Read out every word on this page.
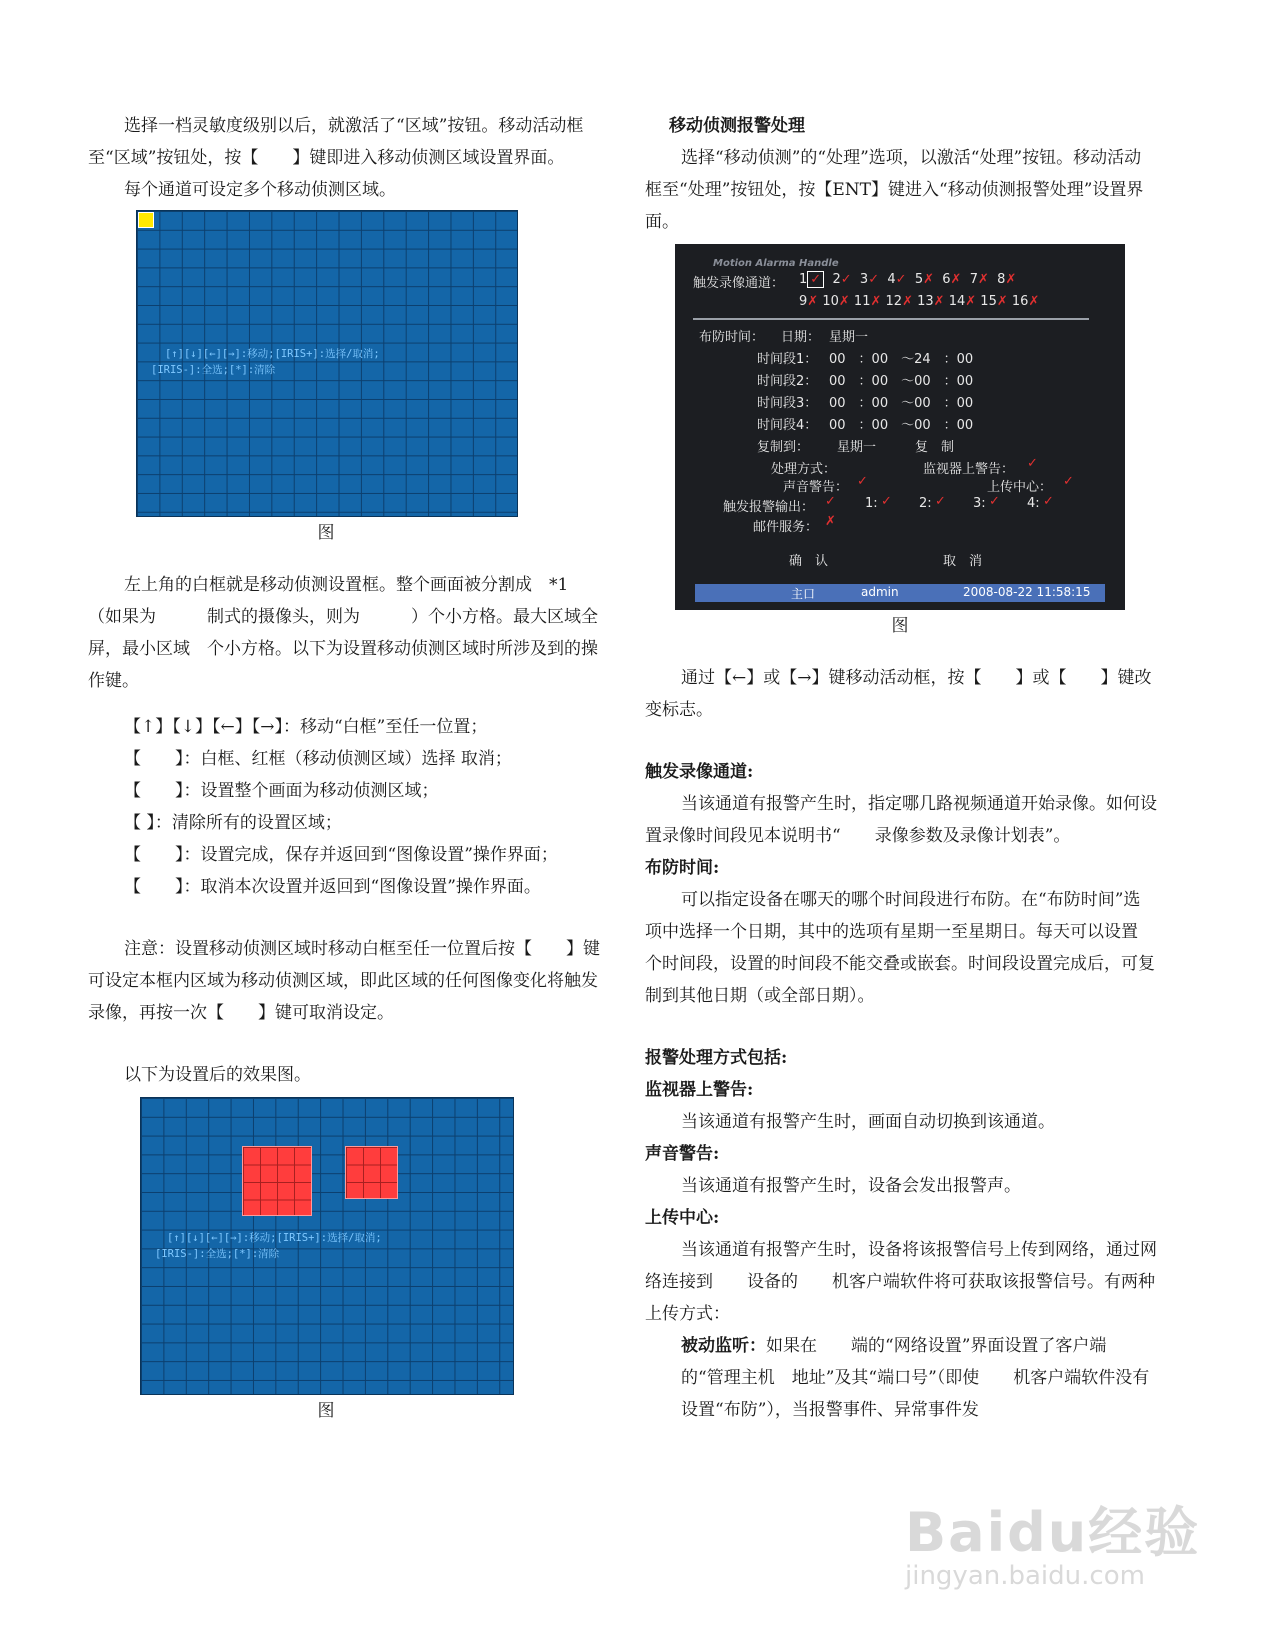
选择一档灵敏度级别以后，就激活了“区域”按钮。移动活动框至“区域”按钮处，按【　　】键即进入移动侦测区域设置界面。

每个通道可设定多个移动侦测区域。

[↑][↓][←][→]:移动;[IRIS+]:选择/取消;
[IRIS-]:全选;[*]:清除
图

左上角的白框就是移动侦测设置框。整个画面被分割成　*1　（如果为　　　制式的摄像头，则为　　　）个小方格。最大区域全屏，最小区域　个小方格。以下为设置移动侦测区域时所涉及到的操作键。

【↑】【↓】【←】【→】：移动“白框”至任一位置；

【　　】：白框、红框（移动侦测区域）选择 取消；

【　　】：设置整个画面为移动侦测区域；

【 】：清除所有的设置区域；

【　　】：设置完成，保存并返回到“图像设置”操作界面；

【　　】：取消本次设置并返回到“图像设置”操作界面。

注意：设置移动侦测区域时移动白框至任一位置后按【　　】键可设定本框内区域为移动侦测区域，即此区域的任何图像变化将触发录像，再按一次【　　】键可取消设定。

以下为设置后的效果图。

[↑][↓][←][→]:移动;[IRIS+]:选择/取消;
[IRIS-]:全选;[*]:清除
图

移动侦测报警处理

选择“移动侦测”的“处理”选项，以激活“处理”按钮。移动活动框至“处理”按钮处，按【ENT】键进入“移动侦测报警处理”设置界面。

Motion Alarma Handle
触发录像通道： 1 ✓ 2✓ 3✓ 4✓ 5✗ 6✗ 7✗ 8✗
9✗ 10✗ 11✗ 12✗ 13✗ 14✗ 15✗ 16✗
布防时间： 日期： 星期一
时间段1： 00　：00　～24　：00
时间段2： 00　：00　～00　：00
时间段3： 00　：00　～00　：00
时间段4： 00　：00　～00　：00
复制到： 星期一	复　制
处理方式：	监视器上警告： ✓
声音警告： ✓	上传中心： ✓
触发报警输出： ✓ 1: ✓ 2: ✓ 3: ✓ 4: ✓
邮件服务： ✗
确　认	取　消
主口	admin	2008-08-22 11:58:15
图

通过【←】或【→】键移动活动框，按【　　】或【　　】键改变标志。

触发录像通道:

当该通道有报警产生时，指定哪几路视频通道开始录像。如何设置录像时间段见本说明书“　　录像参数及录像计划表”。

布防时间:

可以指定设备在哪天的哪个时间段进行布防。在“布防时间”选项中选择一个日期，其中的选项有星期一至星期日。每天可以设置　个时间段，设置的时间段不能交叠或嵌套。时间段设置完成后，可复制到其他日期（或全部日期）。

报警处理方式包括:

监视器上警告:

当该通道有报警产生时，画面自动切换到该通道。

声音警告:

当该通道有报警产生时，设备会发出报警声。

上传中心:

当该通道有报警产生时，设备将该报警信号上传到网络，通过网络连接到　　设备的　　机客户端软件将可获取该报警信号。有两种上传方式：

被动监听：如果在　　端的“网络设置”界面设置了客户端　　的“管理主机　地址”及其“端口号”（即使　　机客户端软件没有设置“布防”），当报警事件、异常事件发

Baidu经验
jingyan.baidu.com
